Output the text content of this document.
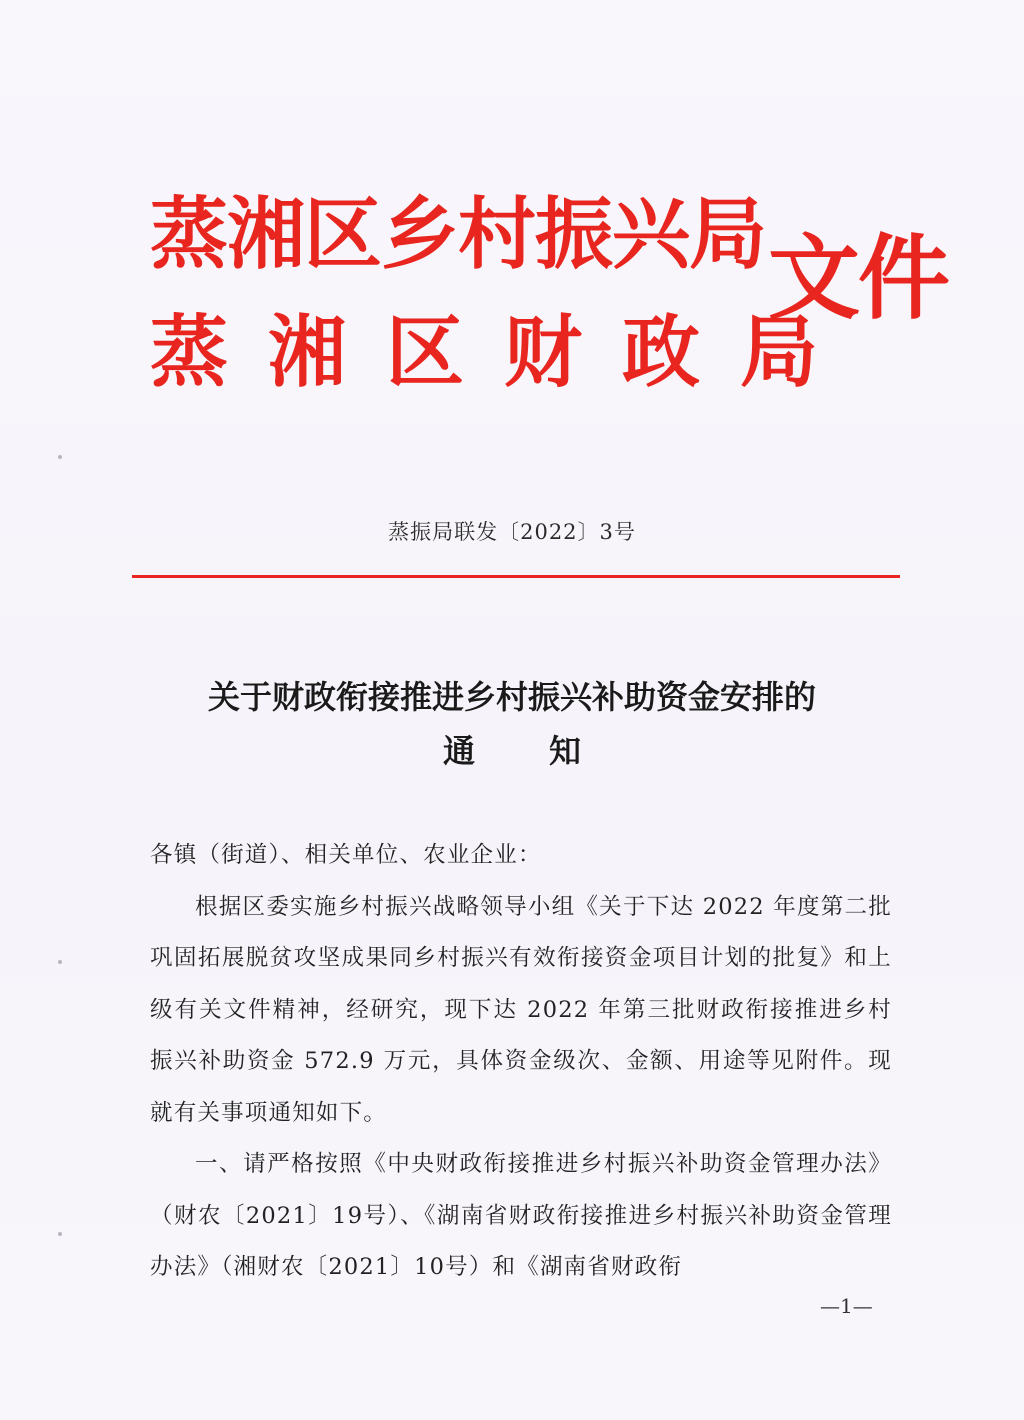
蒸湘区乡村振兴局
蒸湘区财政局
文件
蒸振局联发〔2022〕3号
关于财政衔接推进乡村振兴补助资金安排的
通知

各镇（街道）、相关单位、农业企业：

根据区委实施乡村振兴战略领导小组《关于下达 2022 年度第二批巩固拓展脱贫攻坚成果同乡村振兴有效衔接资金项目计划的批复》和上级有关文件精神，经研究，现下达 2022 年第三批财政衔接推进乡村振兴补助资金 572.9 万元，具体资金级次、金额、用途等见附件。现就有关事项通知如下。

一、请严格按照《中央财政衔接推进乡村振兴补助资金管理办法》（财农〔2021〕19号）、《湖南省财政衔接推进乡村振兴补助资金管理办法》（湘财农〔2021〕10号）和《湖南省财政衔

—1—
